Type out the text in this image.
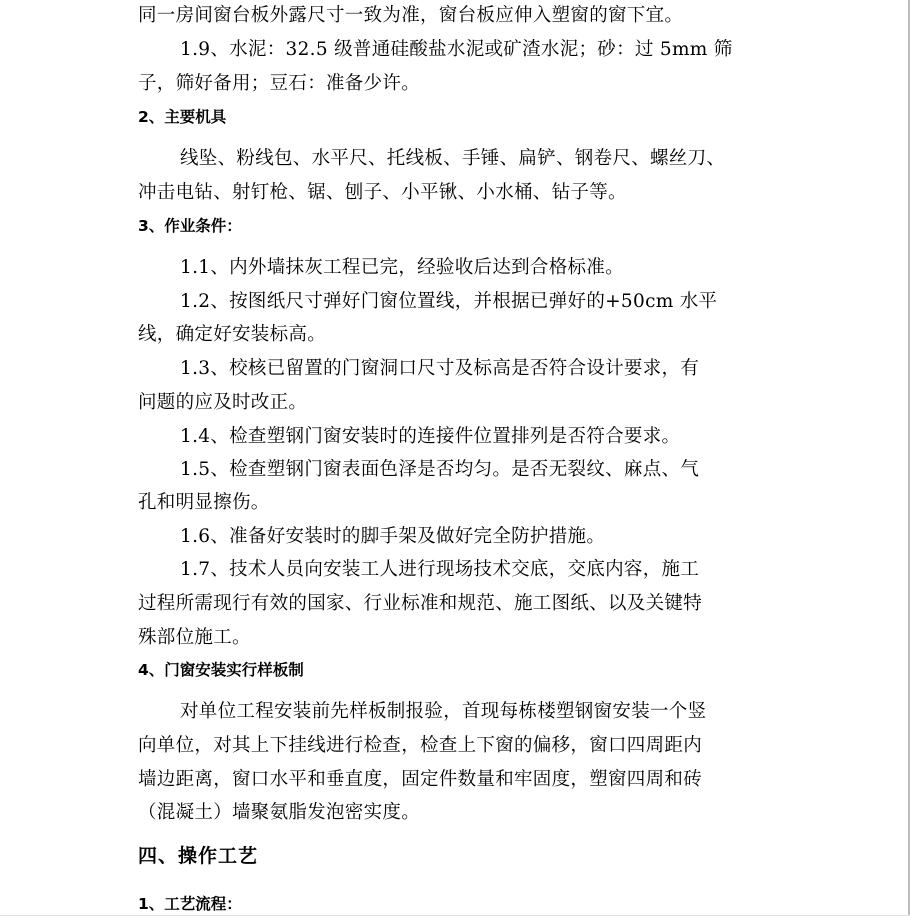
同一房间窗台板外露尺寸一致为准，窗台板应伸入塑窗的窗下宜。
1.9、水泥：32.5 级普通硅酸盐水泥或矿渣水泥；砂：过 5mm 筛
子，筛好备用；豆石：准备少许。
2、主要机具
线坠、粉线包、水平尺、托线板、手锤、扁铲、钢卷尺、螺丝刀、
冲击电钻、射钉枪、锯、刨子、小平锹、小水桶、钻子等。
3、作业条件：
1.1、内外墙抹灰工程已完，经验收后达到合格标准。
1.2、按图纸尺寸弹好门窗位置线，并根据已弹好的+50cm 水平
线，确定好安装标高。
1.3、校核已留置的门窗洞口尺寸及标高是否符合设计要求，有
问题的应及时改正。
1.4、检查塑钢门窗安装时的连接件位置排列是否符合要求。
1.5、检查塑钢门窗表面色泽是否均匀。是否无裂纹、麻点、气
孔和明显擦伤。
1.6、准备好安装时的脚手架及做好完全防护措施。
1.7、技术人员向安装工人进行现场技术交底，交底内容，施工
过程所需现行有效的国家、行业标准和规范、施工图纸、以及关键特
殊部位施工。
4、门窗安装实行样板制
对单位工程安装前先样板制报验，首现每栋楼塑钢窗安装一个竖
向单位，对其上下挂线进行检查，检查上下窗的偏移，窗口四周距内
墙边距离，窗口水平和垂直度，固定件数量和牢固度，塑窗四周和砖
（混凝土）墙聚氨脂发泡密实度。
四、操作工艺
1、工艺流程：
